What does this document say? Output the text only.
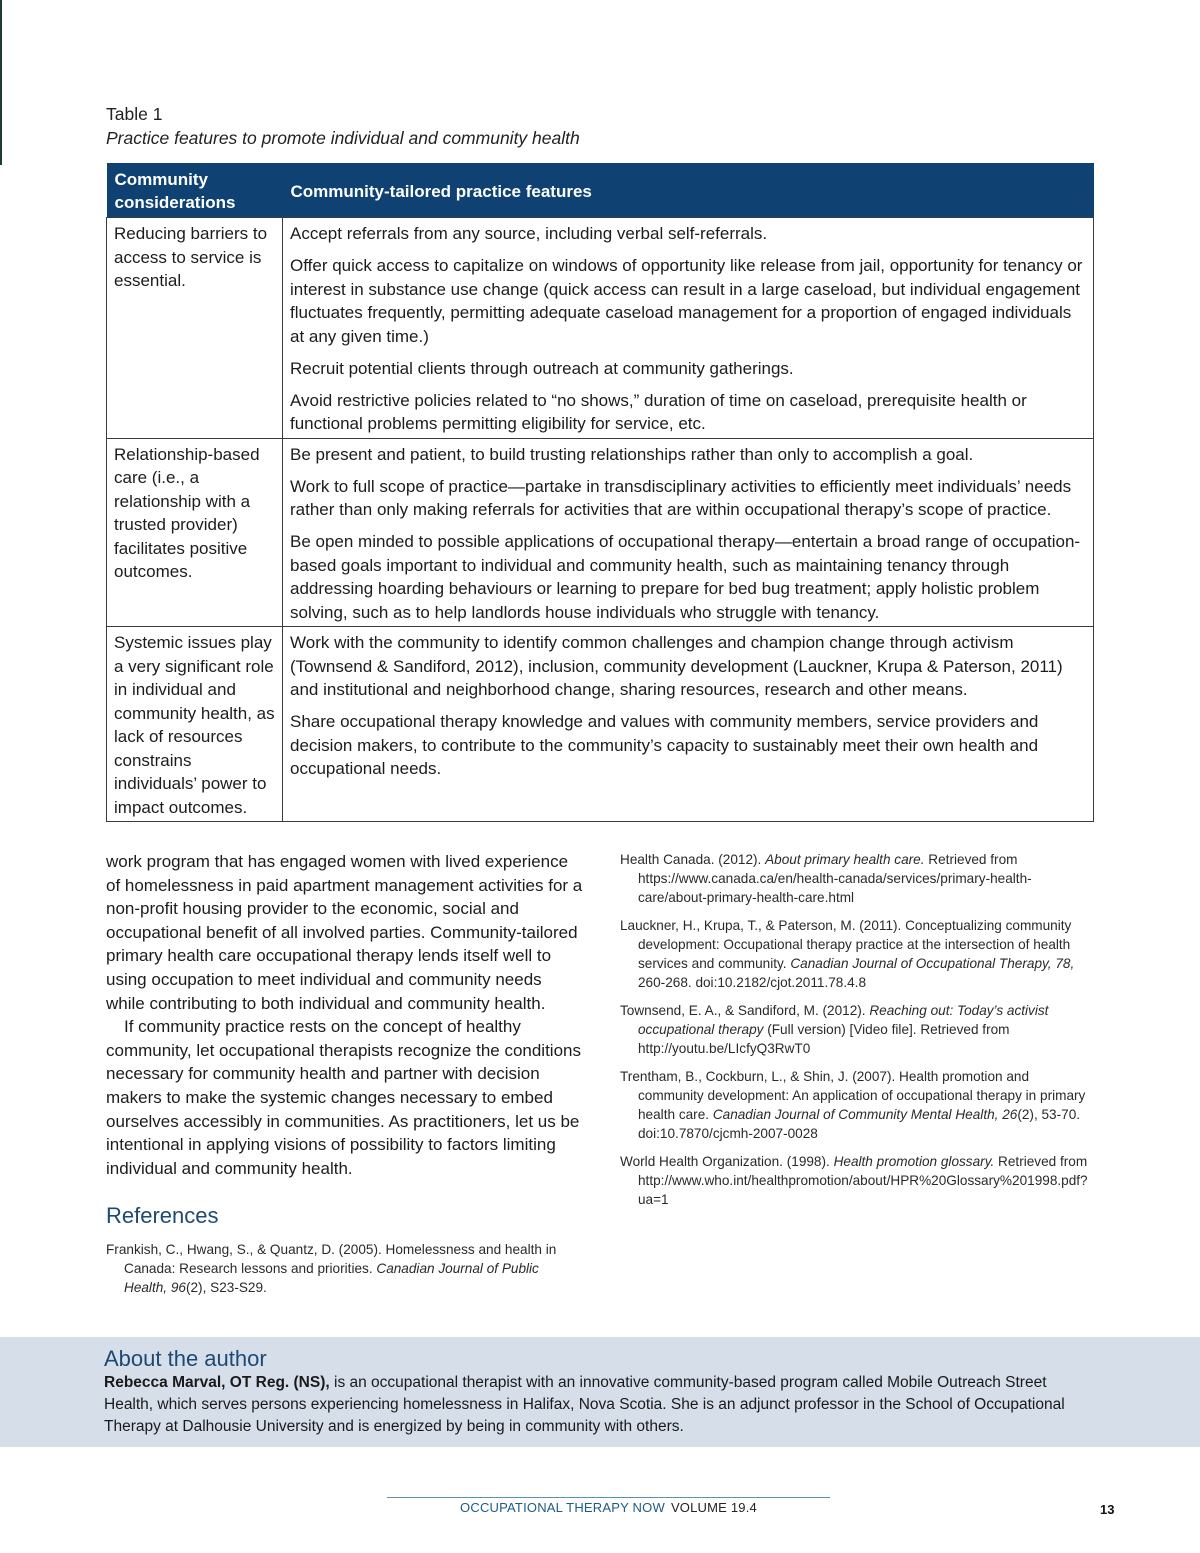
Table 1
Practice features to promote individual and community health
Community considerations	Community-tailored practice features
Reducing barriers to access to service is essential.	Accept referrals from any source, including verbal self-referrals.

Offer quick access to capitalize on windows of opportunity like release from jail, opportunity for tenancy or interest in substance use change (quick access can result in a large caseload, but individual engagement fluctuates frequently, permitting adequate caseload management for a proportion of engaged individuals at any given time.)

Recruit potential clients through outreach at community gatherings.

Avoid restrictive policies related to “no shows,” duration of time on caseload, prerequisite health or functional problems permitting eligibility for service, etc.

Relationship-based care (i.e., a relationship with a trusted provider) facilitates positive outcomes.	Be present and patient, to build trusting relationships rather than only to accomplish a goal.

Work to full scope of practice—partake in transdisciplinary activities to efficiently meet individuals’ needs rather than only making referrals for activities that are within occupational therapy’s scope of practice.

Be open minded to possible applications of occupational therapy—entertain a broad range of occupation-based goals important to individual and community health, such as maintaining tenancy through addressing hoarding behaviours or learning to prepare for bed bug treatment; apply holistic problem solving, such as to help landlords house individuals who struggle with tenancy.

Systemic issues play a very significant role in individual and community health, as lack of resources constrains individuals’ power to impact outcomes.	Work with the community to identify common challenges and champion change through activism (Townsend & Sandiford, 2012), inclusion, community development (Lauckner, Krupa & Paterson, 2011) and institutional and neighborhood change, sharing resources, research and other means.

Share occupational therapy knowledge and values with community members, service providers and decision makers, to contribute to the community’s capacity to sustainably meet their own health and occupational needs.

work program that has engaged women with lived experience of homelessness in paid apartment management activities for a non-profit housing provider to the economic, social and occupational benefit of all involved parties. Community-tailored primary health care occupational therapy lends itself well to using occupation to meet individual and community needs while contributing to both individual and community health.

If community practice rests on the concept of healthy community, let occupational therapists recognize the conditions necessary for community health and partner with decision makers to make the systemic changes necessary to embed ourselves accessibly in communities. As practitioners, let us be intentional in applying visions of possibility to factors limiting individual and community health.

References

Frankish, C., Hwang, S., & Quantz, D. (2005). Homelessness and health in Canada: Research lessons and priorities. Canadian Journal of Public Health, 96(2), S23-S29.

Health Canada. (2012). About primary health care. Retrieved from https://www.canada.ca/en/health-canada/services/primary-health-care/about-primary-health-care.html

Lauckner, H., Krupa, T., & Paterson, M. (2011). Conceptualizing community development: Occupational therapy practice at the intersection of health services and community. Canadian Journal of Occupational Therapy, 78, 260-268. doi:10.2182/cjot.2011.78.4.8

Townsend, E. A., & Sandiford, M. (2012). Reaching out: Today’s activist occupational therapy (Full version) [Video file]. Retrieved from http://youtu.be/LIcfyQ3RwT0

Trentham, B., Cockburn, L., & Shin, J. (2007). Health promotion and community development: An application of occupational therapy in primary health care. Canadian Journal of Community Mental Health, 26(2), 53-70. doi:10.7870/cjcmh-2007-0028

World Health Organization. (1998). Health promotion glossary. Retrieved from http://www.who.int/healthpromotion/about/HPR%20Glossary%201998.pdf?ua=1

About the author
Rebecca Marval, OT Reg. (NS), is an occupational therapist with an innovative community-based program called Mobile Outreach Street Health, which serves persons experiencing homelessness in Halifax, Nova Scotia. She is an adjunct professor in the School of Occupational Therapy at Dalhousie University and is energized by being in community with others.
OCCUPATIONAL THERAPY NOW VOLUME 19.4	13
